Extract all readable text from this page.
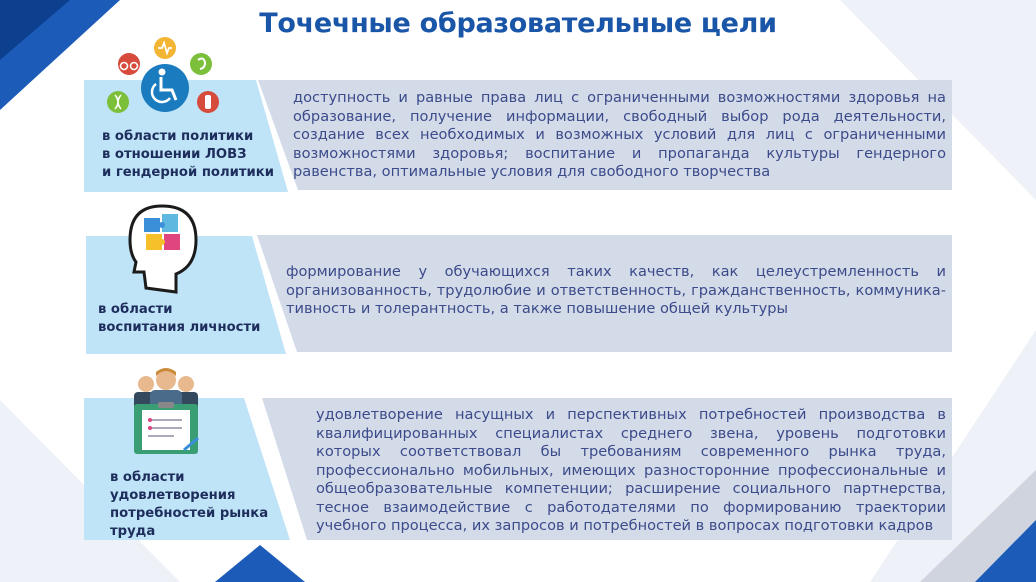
Точечные образовательные цели
в области политики
в отношении ЛОВЗ
и гендерной политики
доступность и равные права лиц с ограниченными возможностями здоровья на образование, получение информации, свободный выбор рода деятельности, создание всех необходимых и возможных условий для лиц с ограниченными возможностями здоровья; воспитание и пропаганда культуры гендерного равенства, оптимальные условия для свободного творчества
в области
воспитания личности
формирование у обучающихся таких качеств, как целеустремленность и организованность, трудолюбие и ответственность, гражданственность, коммуника- тивность и толерантность, а также повышение общей культуры
в области
удовлетворения
потребностей рынка
труда
удовлетворение насущных и перспективных потребностей производства в квалифицированных специалистах среднего звена, уровень подготовки которых соответствовал бы требованиям современного рынка труда, профессионально мобильных, имеющих разносторонние профессиональные и общеобразовательные компетенции; расширение социального партнерства, тесное взаимодействие с работодателями по формированию траектории учебного процесса, их запросов и потребностей в вопросах подготовки кадров
